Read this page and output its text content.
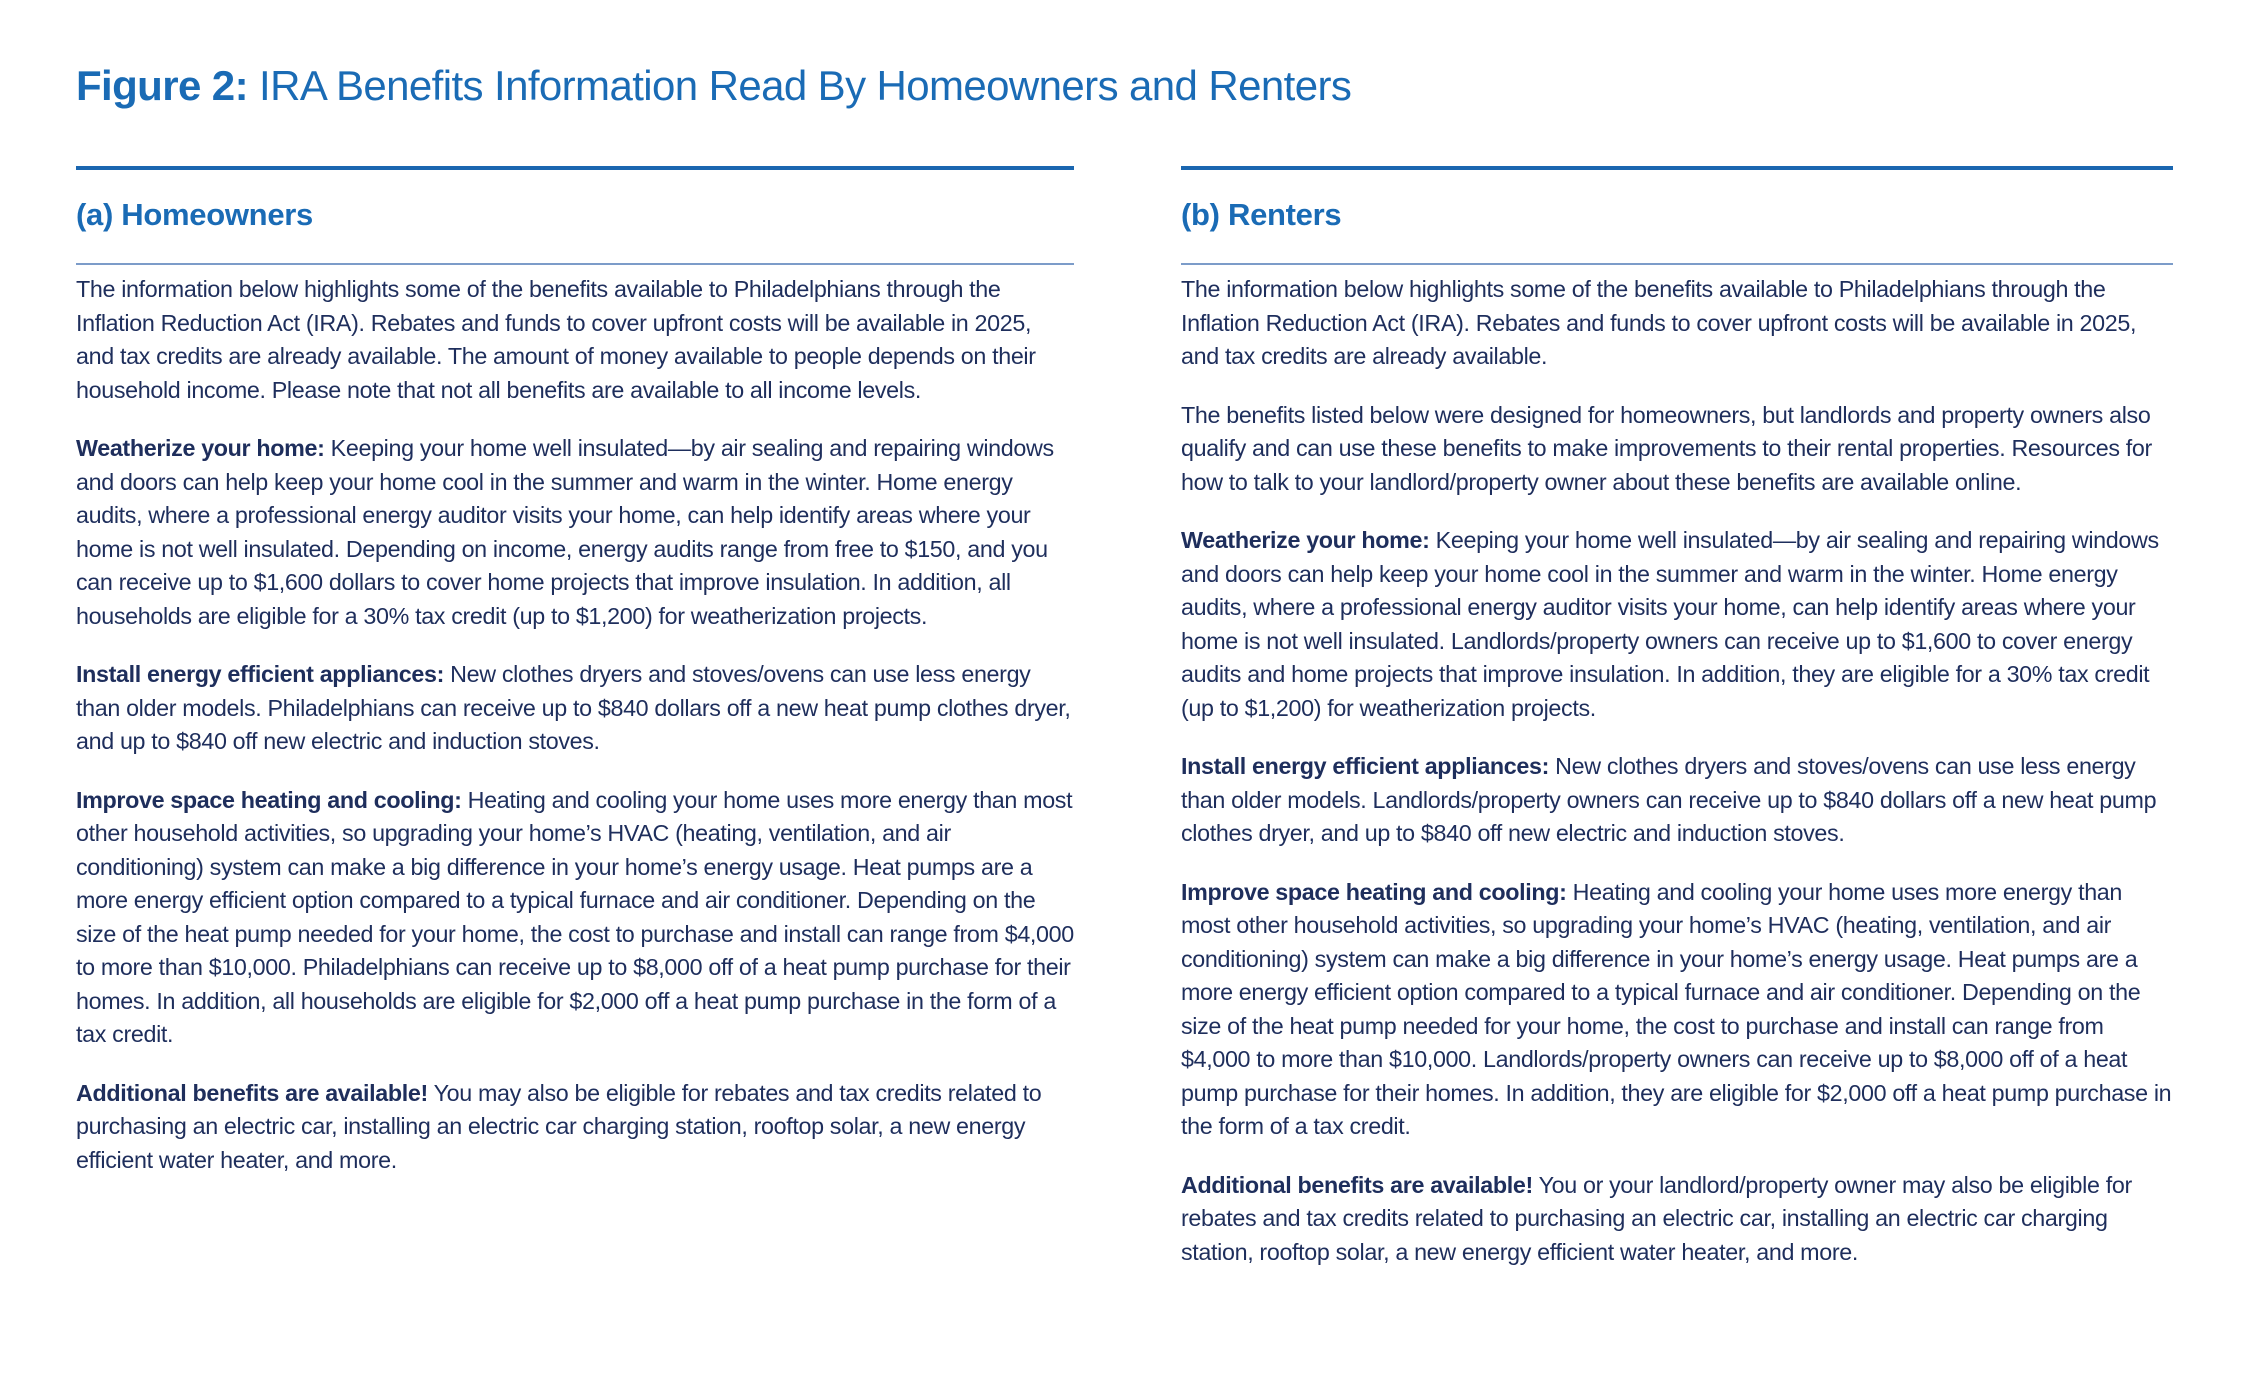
Figure 2: IRA Benefits Information Read By Homeowners and Renters
(a) Homeowners

The information below highlights some of the benefits available to Philadelphians through the Inflation Reduction Act (IRA). Rebates and funds to cover upfront costs will be available in 2025, and tax credits are already available. The amount of money available to people depends on their household income. Please note that not all benefits are available to all income levels.

Weatherize your home: Keeping your home well insulated—by air sealing and repairing windows and doors can help keep your home cool in the summer and warm in the winter. Home energy audits, where a professional energy auditor visits your home, can help identify areas where your home is not well insulated. Depending on income, energy audits range from free to $150, and you can receive up to $1,600 dollars to cover home projects that improve insulation. In addition, all households are eligible for a 30% tax credit (up to $1,200) for weatherization projects.

Install energy efficient appliances: New clothes dryers and stoves/ovens can use less energy than older models. Philadelphians can receive up to $840 dollars off a new heat pump clothes dryer, and up to $840 off new electric and induction stoves.

Improve space heating and cooling: Heating and cooling your home uses more energy than most other household activities, so upgrading your home’s HVAC (heating, ventilation, and air conditioning) system can make a big difference in your home’s energy usage. Heat pumps are a more energy efficient option compared to a typical furnace and air conditioner. Depending on the size of the heat pump needed for your home, the cost to purchase and install can range from $4,000 to more than $10,000. Philadelphians can receive up to $8,000 off of a heat pump purchase for their homes. In addition, all households are eligible for $2,000 off a heat pump purchase in the form of a tax credit.

Additional benefits are available! You may also be eligible for rebates and tax credits related to purchasing an electric car, installing an electric car charging station, rooftop solar, a new energy efficient water heater, and more.

(b) Renters

The information below highlights some of the benefits available to Philadelphians through the Inflation Reduction Act (IRA). Rebates and funds to cover upfront costs will be available in 2025, and tax credits are already available.

The benefits listed below were designed for homeowners, but landlords and property owners also qualify and can use these benefits to make improvements to their rental properties. Resources for how to talk to your landlord/property owner about these benefits are available online.

Weatherize your home: Keeping your home well insulated—by air sealing and repairing windows and doors can help keep your home cool in the summer and warm in the winter. Home energy audits, where a professional energy auditor visits your home, can help identify areas where your home is not well insulated. Landlords/property owners can receive up to $1,600 to cover energy audits and home projects that improve insulation. In addition, they are eligible for a 30% tax credit (up to $1,200) for weatherization projects.

Install energy efficient appliances: New clothes dryers and stoves/ovens can use less energy than older models. Landlords/property owners can receive up to $840 dollars off a new heat pump clothes dryer, and up to $840 off new electric and induction stoves.

Improve space heating and cooling: Heating and cooling your home uses more energy than most other household activities, so upgrading your home’s HVAC (heating, ventilation, and air conditioning) system can make a big difference in your home’s energy usage. Heat pumps are a more energy efficient option compared to a typical furnace and air conditioner. Depending on the size of the heat pump needed for your home, the cost to purchase and install can range from $4,000 to more than $10,000. Landlords/property owners can receive up to $8,000 off of a heat pump purchase for their homes. In addition, they are eligible for $2,000 off a heat pump purchase in the form of a tax credit.

Additional benefits are available! You or your landlord/property owner may also be eligible for rebates and tax credits related to purchasing an electric car, installing an electric car charging station, rooftop solar, a new energy efficient water heater, and more.
